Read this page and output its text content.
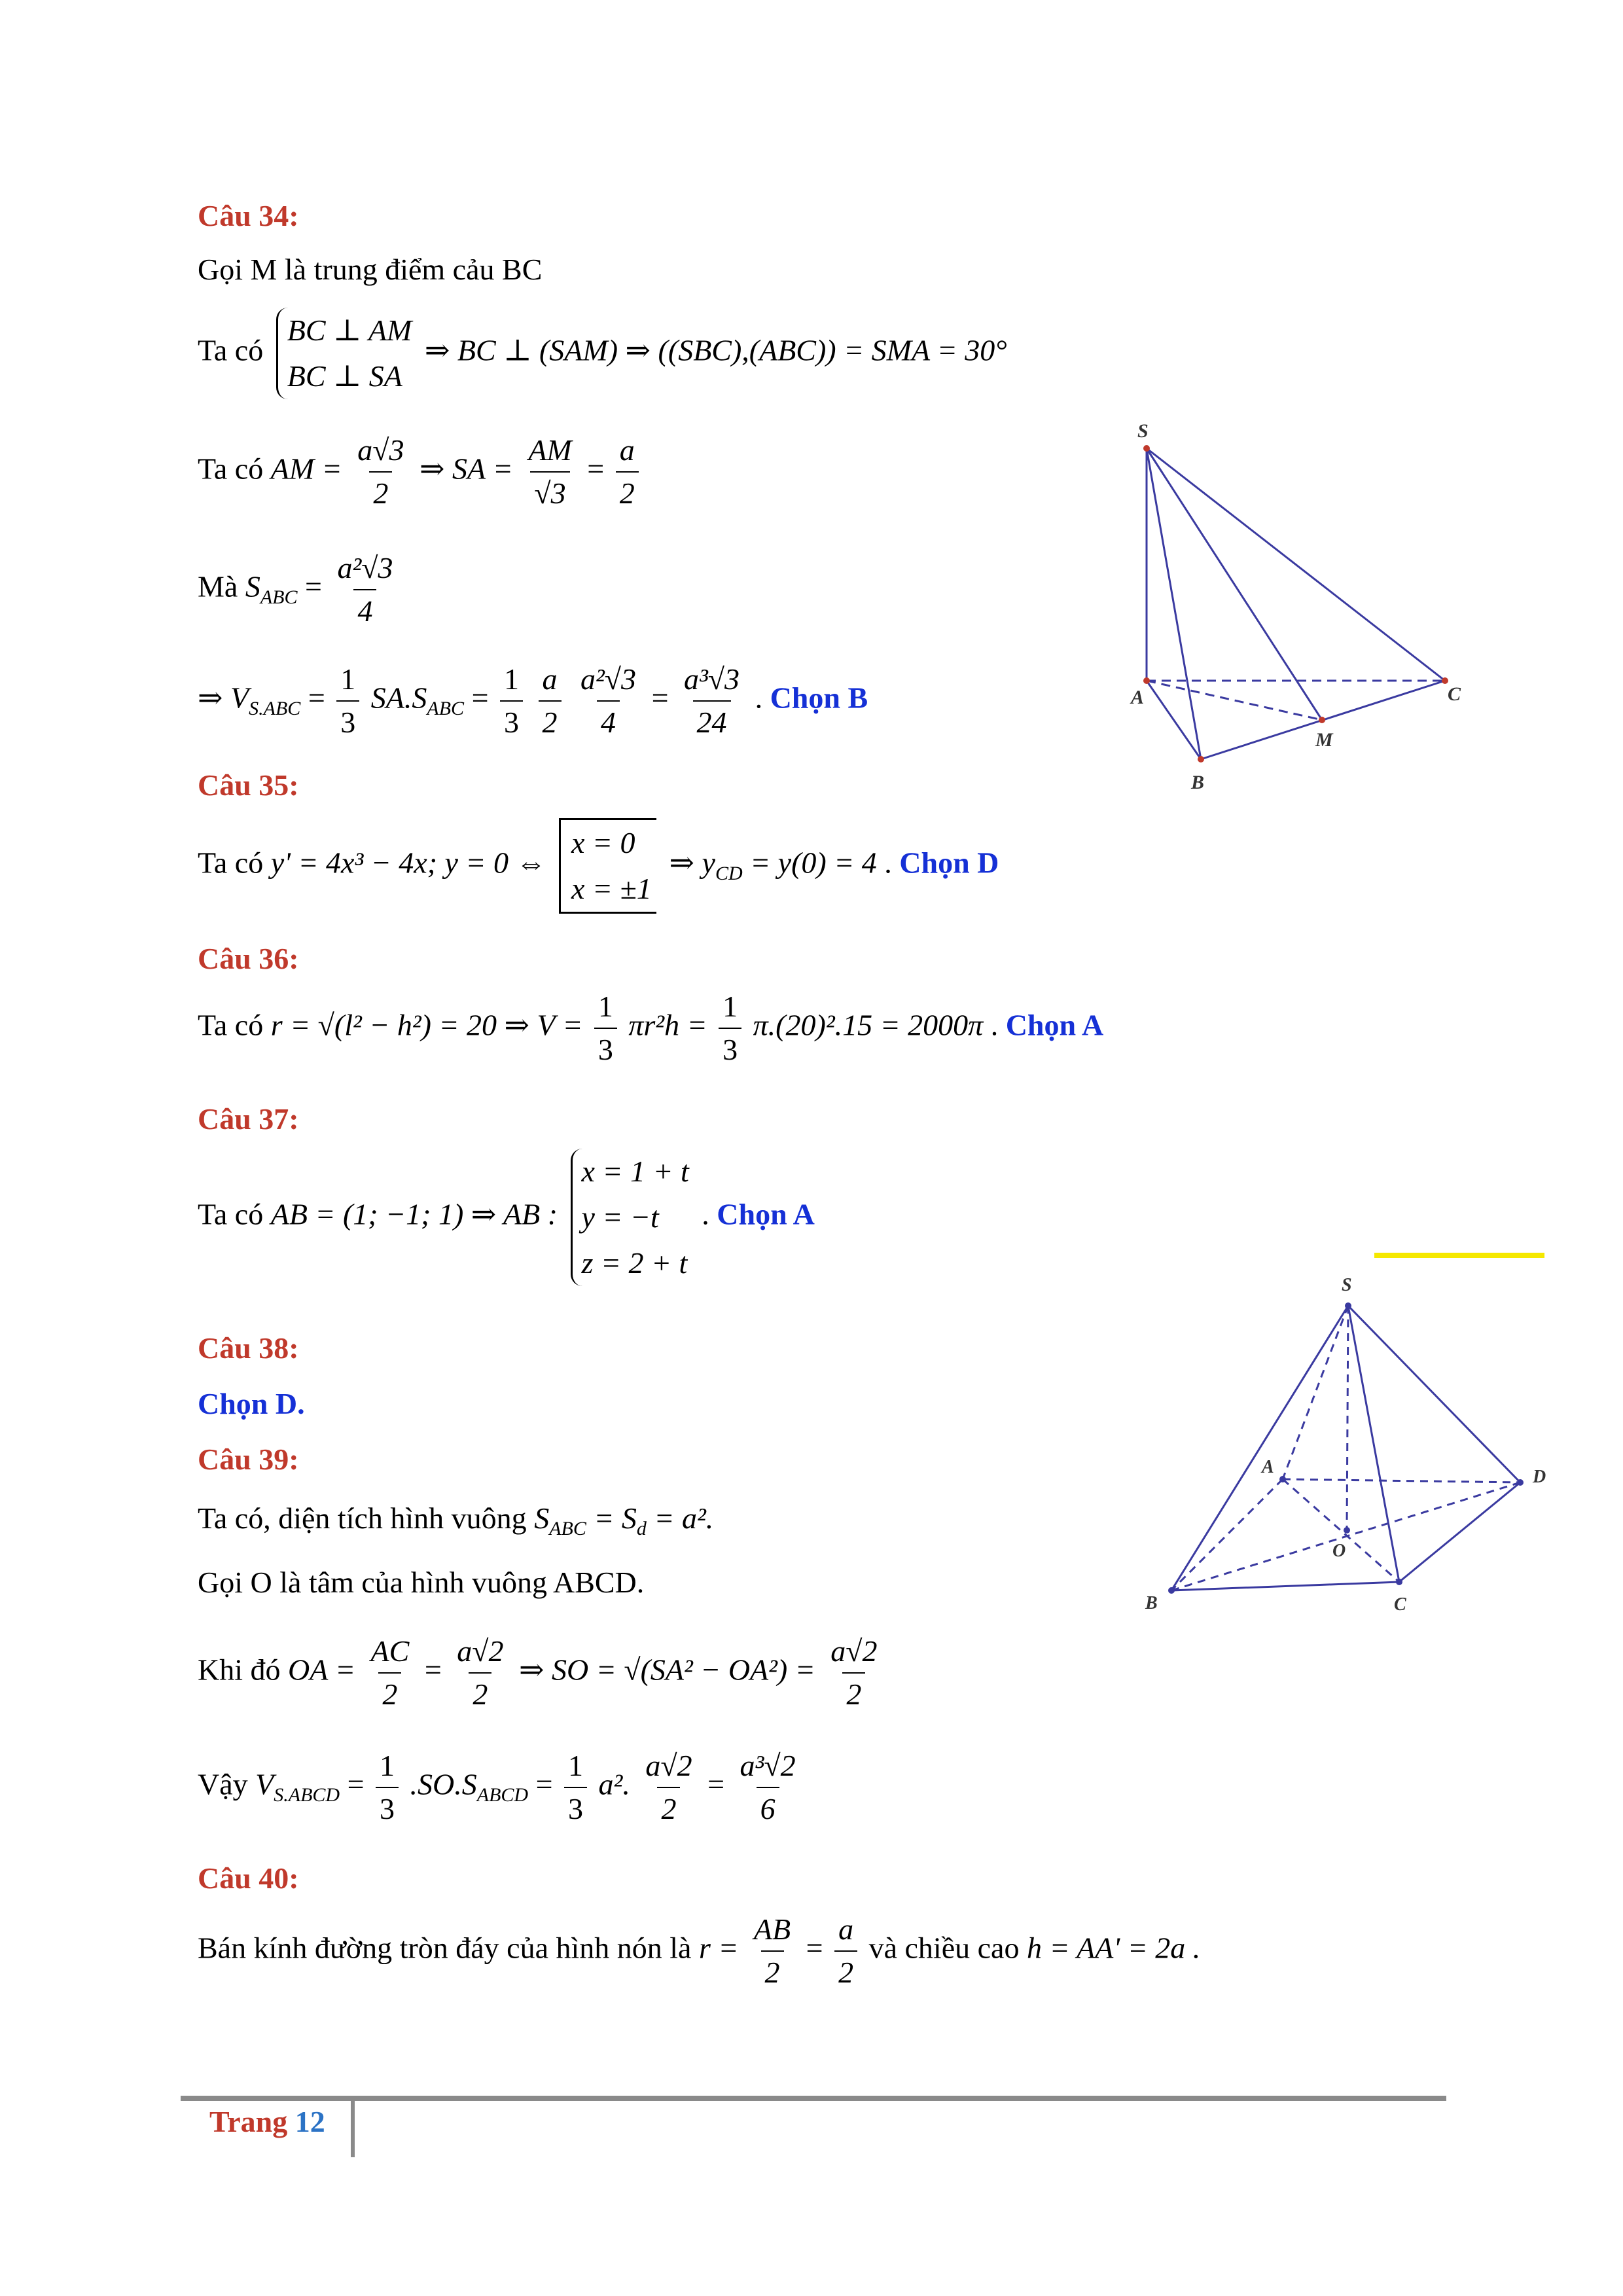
Câu 34:
Gọi M là trung điểm cảu BC
Ta có
BC ⊥ AM
BC ⊥ SA
⇒ BC ⊥ (SAM) ⇒ ((SBC),(ABC)) = SMA = 30°
Ta có AM = $\frac{a√3}{2}$ ⇒ SA = $\frac{AM}{√3} = \frac{a}{2}$
Mà $S_{ABC} = \frac{\text{a²√3}}{4}$
⇒ $V_{S.ABC} = \frac{1}{3} SA.S_{ABC} = \frac{1}{3}$
$\frac{a}{2}$
$\frac{\text{a²√3}}{4} = \frac{\text{a³√3}}{24}$ . Chọn B
S
A
B
M
C
Câu 35:
Ta có y' = 4x³ − 4x; y = 0 ⇔
x = 0
x = ±1
⇒ $y_{CD} = y(0) = 4$ . Chọn D
Câu 36:
Ta có r = √(l² − h²) = 20 ⇒ $V = \frac{1}{3} \pi r^2h = \frac{1}{3} \pi.(20)^2.15 = 2000\pi$ . Chọn A
Câu 37:
Ta có AB = (1; −1; 1) ⇒ AB :
x = 1 + t
y = −t
z = 2 + t
. Chọn A
S
A	D
O
B	C
Câu 38:
Chọn D.
Câu 39:
Ta có, diện tích hình vuông $S_{ABC} = S_d = a^2$.
Gọi O là tâm của hình vuông ABCD.
Khi đó OA = $\frac{AC}{2} = \frac{a√2}{2}$ ⇒ SO = $√(SA^2 - OA^2) = \frac{a√2}{2}$
Vậy $V_{S.ABCD} = \frac{1}{3} .SO.S_{ABCD} = \frac{1}{3} a^2$. $\frac{a√2}{2} = \frac{\text{a³√2}}{6}$
Câu 40:
Bán kính đường tròn đáy của hình nón là $r = \frac{AB}{2} = \frac{a}{2}$ và chiều cao h = AA' = 2a .
Trang 12
